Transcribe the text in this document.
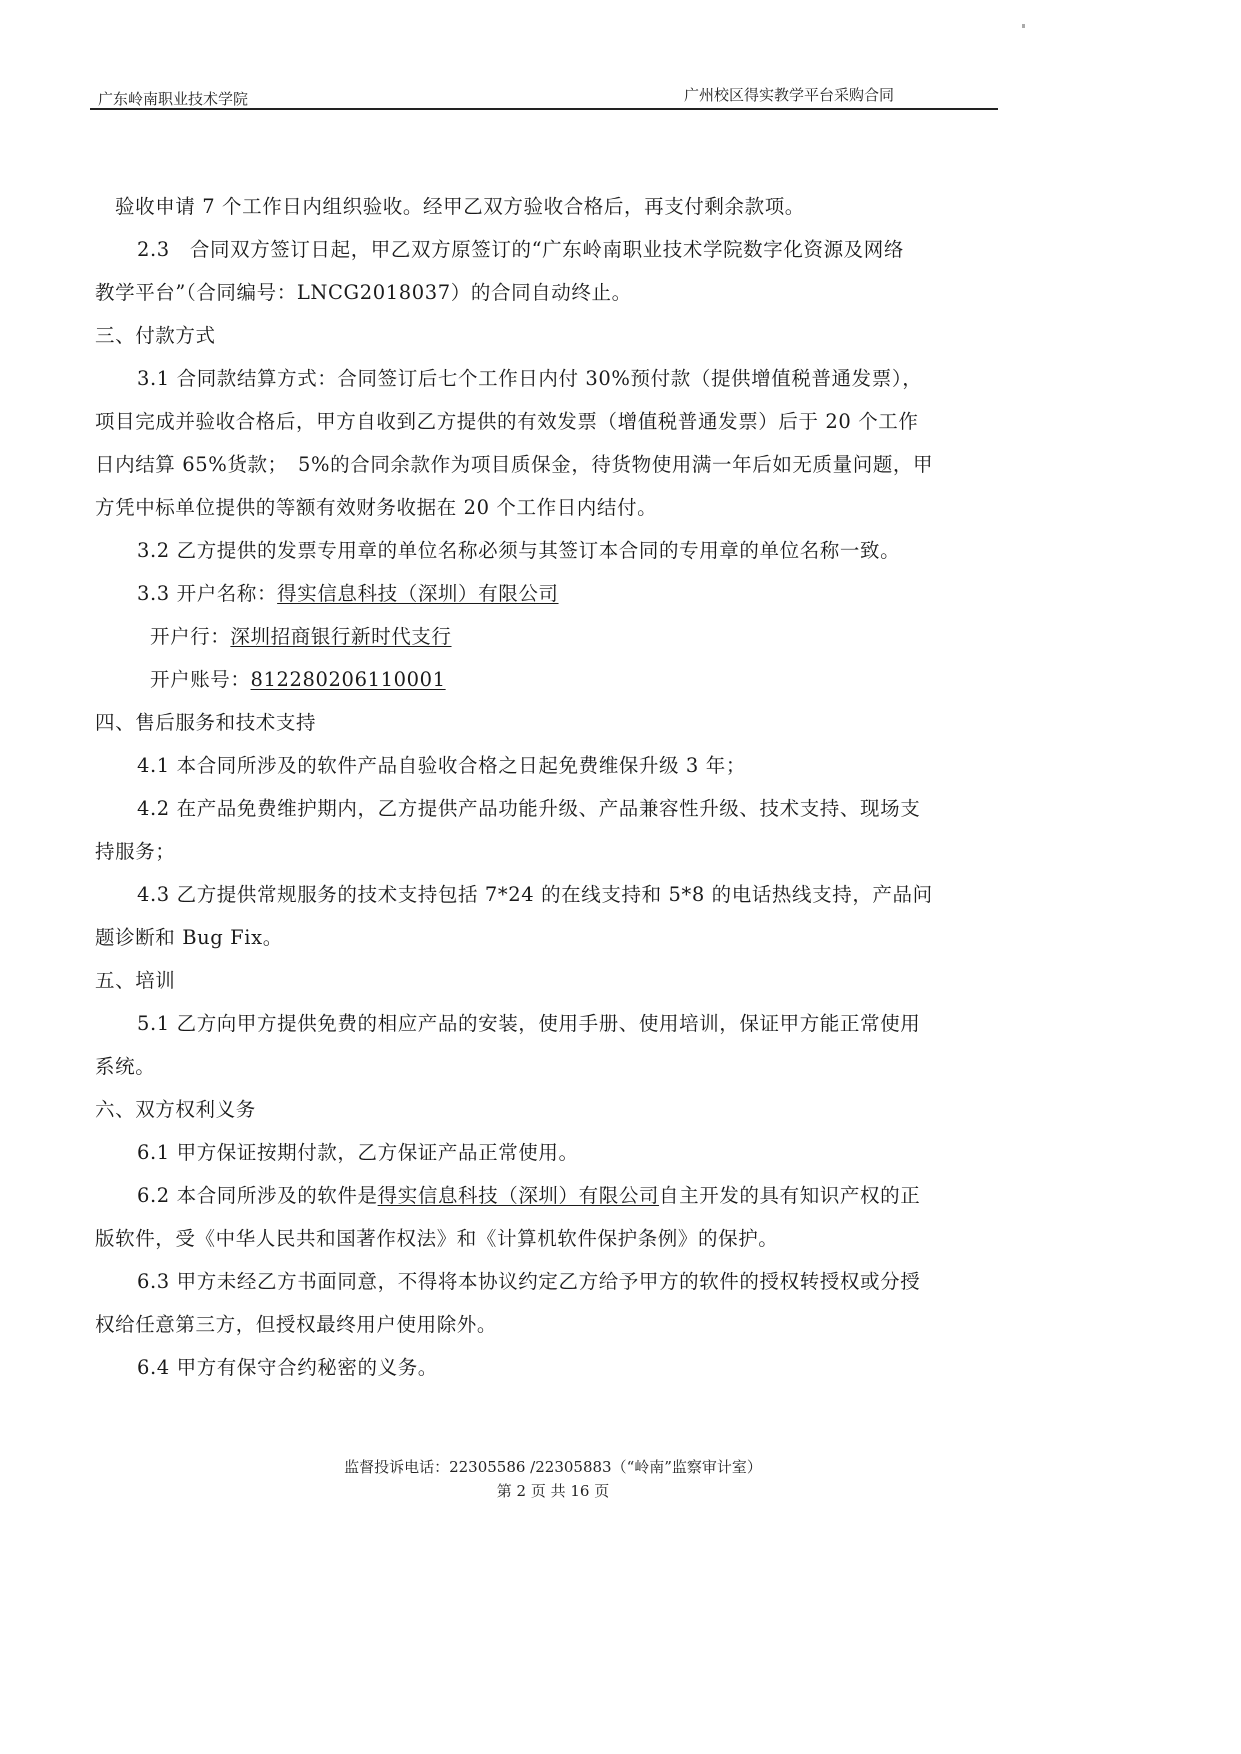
广东岭南职业技术学院	广州校区得实教学平台采购合同
验收申请 7 个工作日内组织验收。经甲乙双方验收合格后，再支付剩余款项。
2.3　合同双方签订日起，甲乙双方原签订的“广东岭南职业技术学院数字化资源及网络
教学平台”（合同编号：LNCG2018037）的合同自动终止。
三、付款方式
3.1 合同款结算方式：合同签订后七个工作日内付 30%预付款（提供增值税普通发票），
项目完成并验收合格后，甲方自收到乙方提供的有效发票（增值税普通发票）后于 20 个工作
日内结算 65%货款；　5%的合同余款作为项目质保金，待货物使用满一年后如无质量问题，甲
方凭中标单位提供的等额有效财务收据在 20 个工作日内结付。
3.2 乙方提供的发票专用章的单位名称必须与其签订本合同的专用章的单位名称一致。
3.3 开户名称：得实信息科技（深圳）有限公司
开户行：深圳招商银行新时代支行
开户账号：812280206110001
四、售后服务和技术支持
4.1 本合同所涉及的软件产品自验收合格之日起免费维保升级 3 年；
4.2 在产品免费维护期内，乙方提供产品功能升级、产品兼容性升级、技术支持、现场支
持服务；
4.3 乙方提供常规服务的技术支持包括 7*24 的在线支持和 5*8 的电话热线支持，产品问
题诊断和 Bug Fix。
五、培训
5.1 乙方向甲方提供免费的相应产品的安装，使用手册、使用培训，保证甲方能正常使用
系统。
六、双方权利义务
6.1 甲方保证按期付款，乙方保证产品正常使用。
6.2 本合同所涉及的软件是得实信息科技（深圳）有限公司自主开发的具有知识产权的正
版软件，受《中华人民共和国著作权法》和《计算机软件保护条例》的保护。
6.3 甲方未经乙方书面同意，不得将本协议约定乙方给予甲方的软件的授权转授权或分授
权给任意第三方，但授权最终用户使用除外。
6.4 甲方有保守合约秘密的义务。
监督投诉电话：22305586 /22305883（“岭南”监察审计室）
第 2 页 共 16 页
